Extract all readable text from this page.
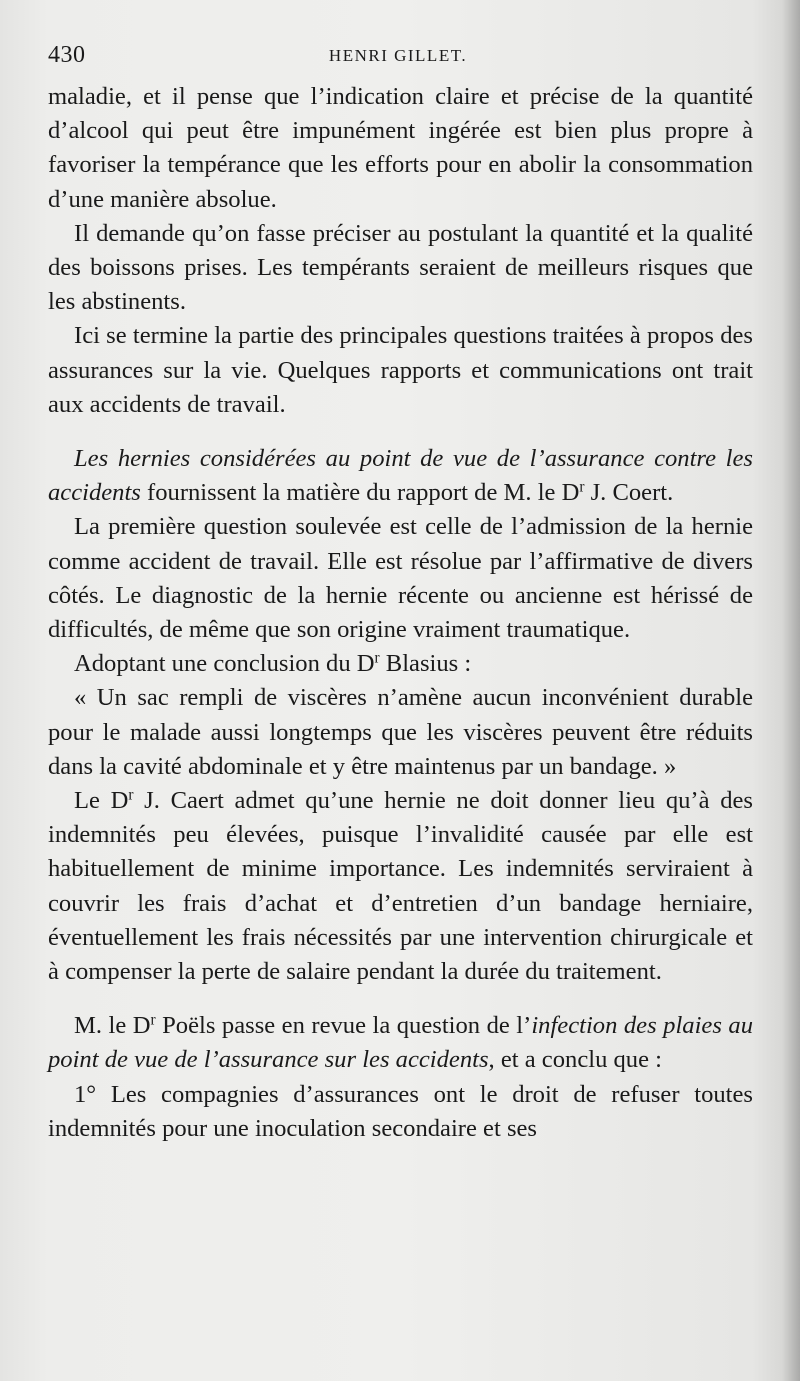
430	HENRI GILLET.

maladie, et il pense que l’indication claire et précise de la quantité d’alcool qui peut être impunément ingérée est bien plus propre à favoriser la tempérance que les efforts pour en abolir la consommation d’une manière absolue.

Il demande qu’on fasse préciser au postulant la quantité et la qualité des boissons prises. Les tempérants seraient de meilleurs risques que les abstinents.

Ici se termine la partie des principales questions traitées à propos des assurances sur la vie. Quelques rapports et communications ont trait aux accidents de travail.

Les hernies considérées au point de vue de l’assurance contre les accidents fournissent la matière du rapport de M. le $D^r$ J. Coert.

La première question soulevée est celle de l’admission de la hernie comme accident de travail. Elle est résolue par l’affirmative de divers côtés. Le diagnostic de la hernie récente ou ancienne est hérissé de difficultés, de même que son origine vraiment traumatique.

Adoptant une conclusion du $D^r$ Blasius :

« Un sac rempli de viscères n’amène aucun inconvénient durable pour le malade aussi longtemps que les viscères peuvent être réduits dans la cavité abdominale et y être maintenus par un bandage. »

Le $D^r$ J. Caert admet qu’une hernie ne doit donner lieu qu’à des indemnités peu élevées, puisque l’invalidité causée par elle est habituellement de minime importance. Les indemnités serviraient à couvrir les frais d’achat et d’entretien d’un bandage herniaire, éventuellement les frais nécessités par une intervention chirurgicale et à compenser la perte de salaire pendant la durée du traitement.

M. le $D^r$ Poëls passe en revue la question de l’infection des plaies au point de vue de l’assurance sur les accidents, et a conclu que :

1° Les compagnies d’assurances ont le droit de refuser toutes indemnités pour une inoculation secondaire et ses
